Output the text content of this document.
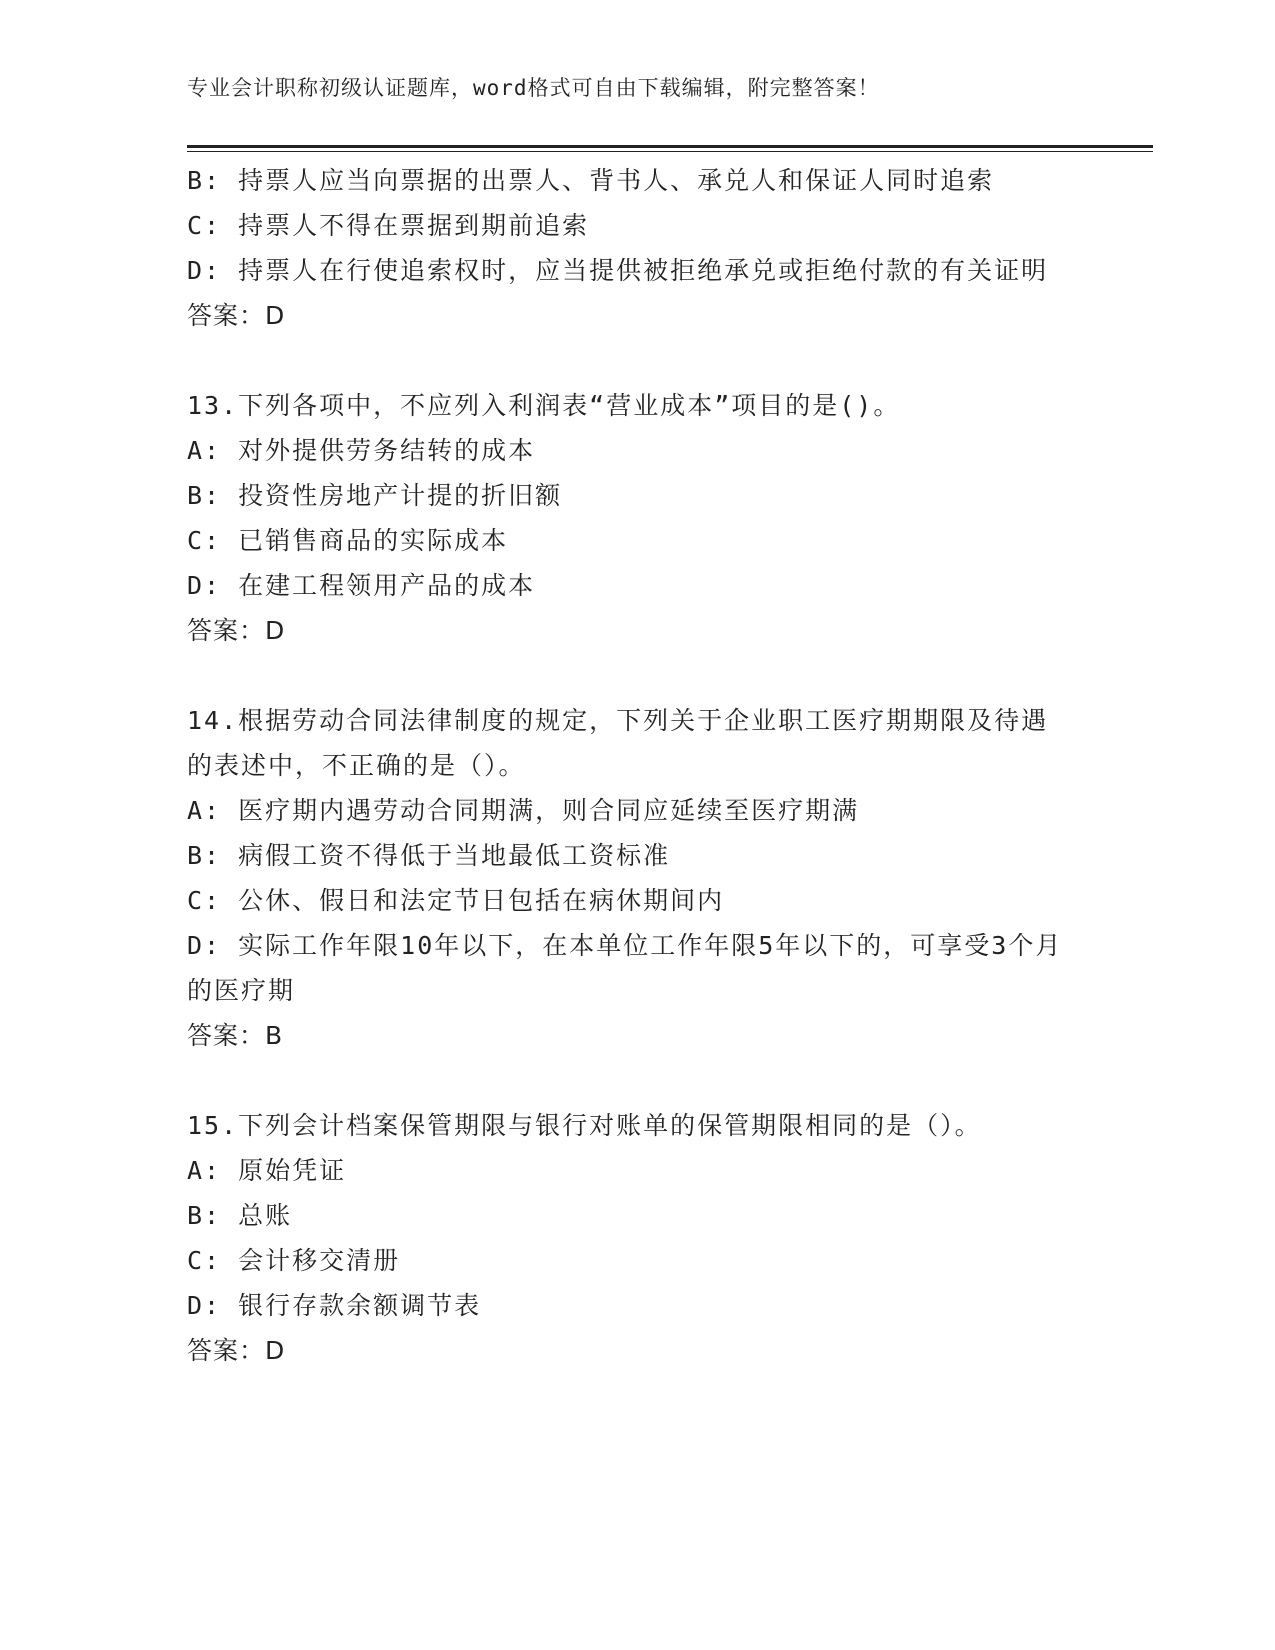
专业会计职称初级认证题库，word格式可自由下载编辑，附完整答案！
B: 持票人应当向票据的出票人、背书人、承兑人和保证人同时追索
C: 持票人不得在票据到期前追索
D: 持票人在行使追索权时，应当提供被拒绝承兑或拒绝付款的有关证明
答案：D
13.下列各项中，不应列入利润表“营业成本”项目的是()。
A: 对外提供劳务结转的成本
B: 投资性房地产计提的折旧额
C: 已销售商品的实际成本
D: 在建工程领用产品的成本
答案：D
14.根据劳动合同法律制度的规定，下列关于企业职工医疗期期限及待遇的表述中，不正确的是（）。
A: 医疗期内遇劳动合同期满，则合同应延续至医疗期满
B: 病假工资不得低于当地最低工资标准
C: 公休、假日和法定节日包括在病休期间内
D: 实际工作年限10年以下，在本单位工作年限5年以下的，可享受3个月的医疗期
答案：B
15.下列会计档案保管期限与银行对账单的保管期限相同的是（）。
A: 原始凭证
B: 总账
C: 会计移交清册
D: 银行存款余额调节表
答案：D
